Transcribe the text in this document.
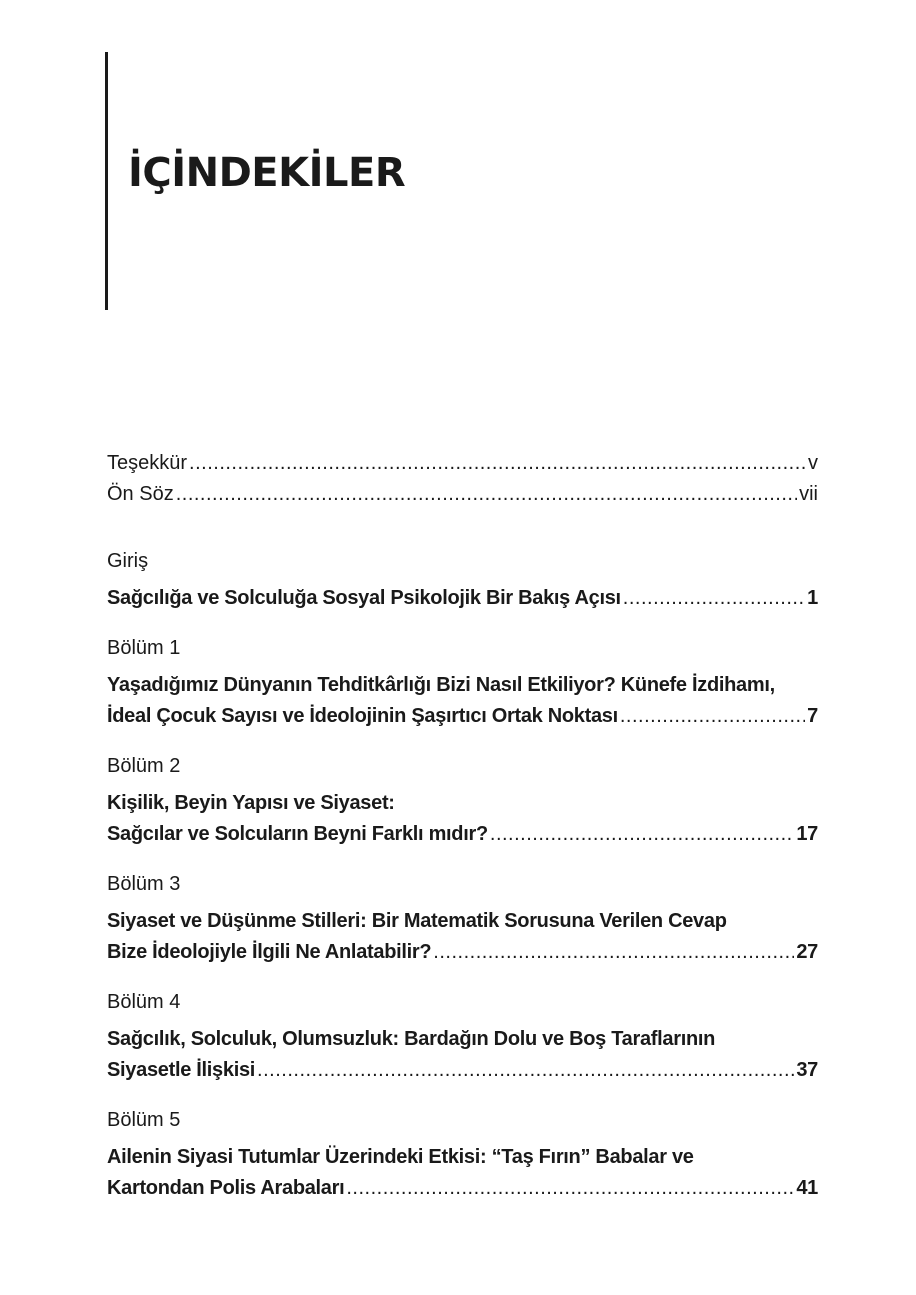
İÇİNDEKİLER
Teşekkür .....	v
Ön Söz .....	vii
Giriş
Sağcılığa ve Solculuğa Sosyal Psikolojik Bir Bakış Açısı .....	1
Bölüm 1
Yaşadığımız Dünyanın Tehditkârlığı Bizi Nasıl Etkiliyor? Künefe İzdihamı,
İdeal Çocuk Sayısı ve İdeolojinin Şaşırtıcı Ortak Noktası .....	7
Bölüm 2
Kişilik, Beyin Yapısı ve Siyaset:
Sağcılar ve Solcuların Beyni Farklı mıdır? .....	17
Bölüm 3
Siyaset ve Düşünme Stilleri: Bir Matematik Sorusuna Verilen Cevap
Bize İdeolojiyle İlgili Ne Anlatabilir? .....	27
Bölüm 4
Sağcılık, Solculuk, Olumsuzluk: Bardağın Dolu ve Boş Taraflarının
Siyasetle İlişkisi .....	37
Bölüm 5
Ailenin Siyasi Tutumlar Üzerindeki Etkisi: “Taş Fırın” Babalar ve
Kartondan Polis Arabaları .....	41
